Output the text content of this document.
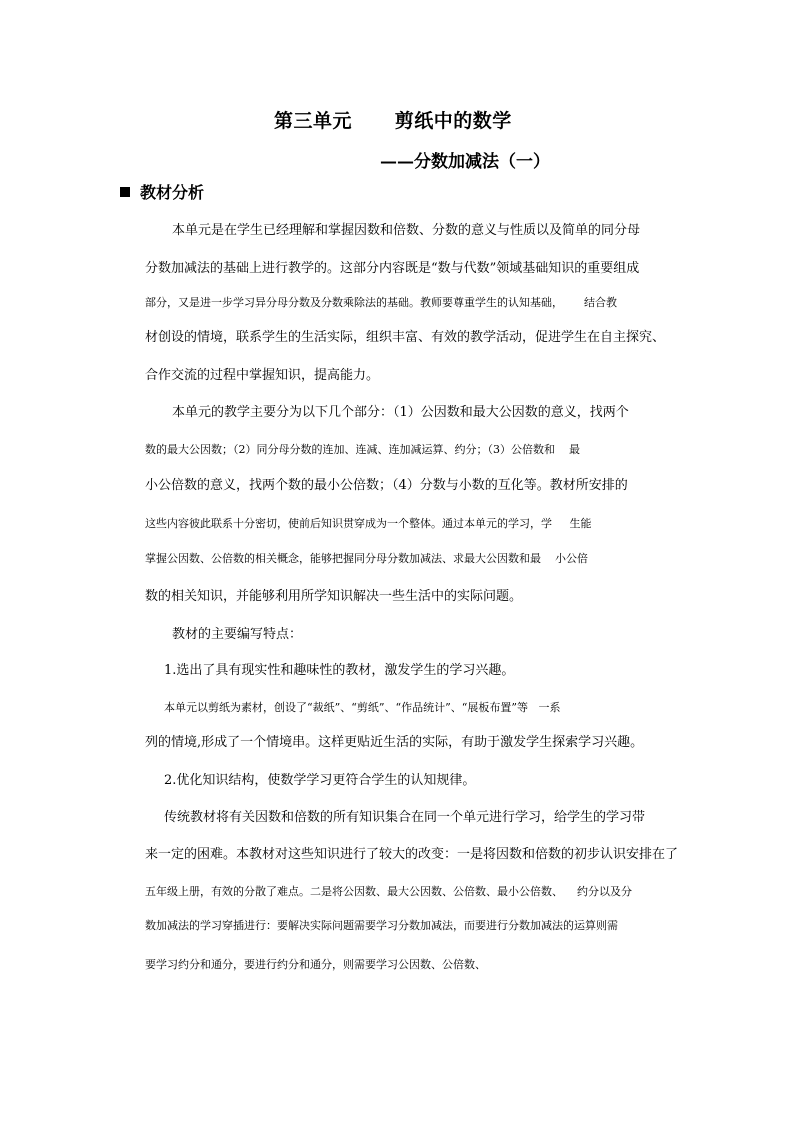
第三单元      剪纸中的数学
——分数加减法（一）
教材分析
本单元是在学生已经理解和掌握因数和倍数、分数的意义与性质以及简单的同分母
分数加减法的基础上进行教学的。这部分内容既是“数与代数”领域基础知识的重要组成
部分，又是进一步学习异分母分数及分数乘除法的基础。教师要尊重学生的认知基础，      结合教
材创设的情境，联系学生的生活实际，组织丰富、有效的教学活动，促进学生在自主探究、
合作交流的过程中掌握知识，提高能力。
本单元的教学主要分为以下几个部分：（1）公因数和最大公因数的意义，找两个
数的最大公因数；（2）同分母分数的连加、连减、连加减运算、约分；（3）公倍数和    最
小公倍数的意义，找两个数的最小公倍数；（4）分数与小数的互化等。教材所安排的
这些内容彼此联系十分密切，使前后知识贯穿成为一个整体。通过本单元的学习，学     生能
掌握公因数、公倍数的相关概念，能够把握同分母分数加减法、求最大公因数和最    小公倍
数的相关知识，并能够利用所学知识解决一些生活中的实际问题。
教材的主要编写特点：
1.选出了具有现实性和趣味性的教材，激发学生的学习兴趣。
本单元以剪纸为素材，创设了“裁纸”、“剪纸”、“作品统计”、“展板布置”等   一系
列的情境,形成了一个情境串。这样更贴近生活的实际，有助于激发学生探索学习兴趣。
2.优化知识结构，使数学学习更符合学生的认知规律。
传统教材将有关因数和倍数的所有知识集合在同一个单元进行学习，给学生的学习带
来一定的困难。本教材对这些知识进行了较大的改变：一是将因数和倍数的初步认识安排在了
五年级上册，有效的分散了难点。二是将公因数、最大公因数、公倍数、最小公倍数、    约分以及分
数加减法的学习穿插进行：要解决实际问题需要学习分数加减法，而要进行分数加减法的运算则需
要学习约分和通分，要进行约分和通分，则需要学习公因数、公倍数、
